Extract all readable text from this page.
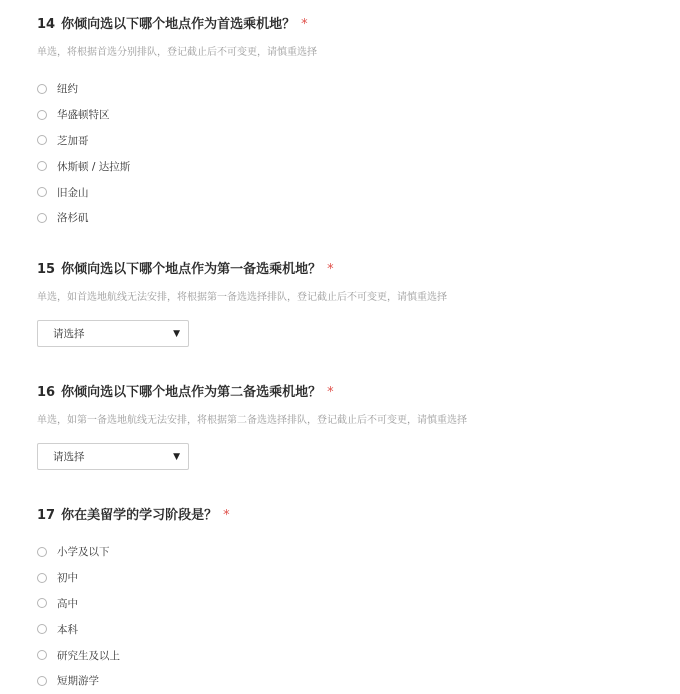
14 你倾向选以下哪个地点作为首选乘机地？ *
单选，将根据首选分别排队，登记截止后不可变更，请慎重选择
纽约
华盛顿特区
芝加哥
休斯顿 / 达拉斯
旧金山
洛杉矶
15 你倾向选以下哪个地点作为第一备选乘机地？ *
单选，如首选地航线无法安排，将根据第一备选选择排队，登记截止后不可变更，请慎重选择
请选择	▼
16 你倾向选以下哪个地点作为第二备选乘机地？ *
单选，如第一备选地航线无法安排，将根据第二备选选择排队，登记截止后不可变更，请慎重选择
请选择	▼
17 你在美留学的学习阶段是？ *
小学及以下
初中
高中
本科
研究生及以上
短期游学
